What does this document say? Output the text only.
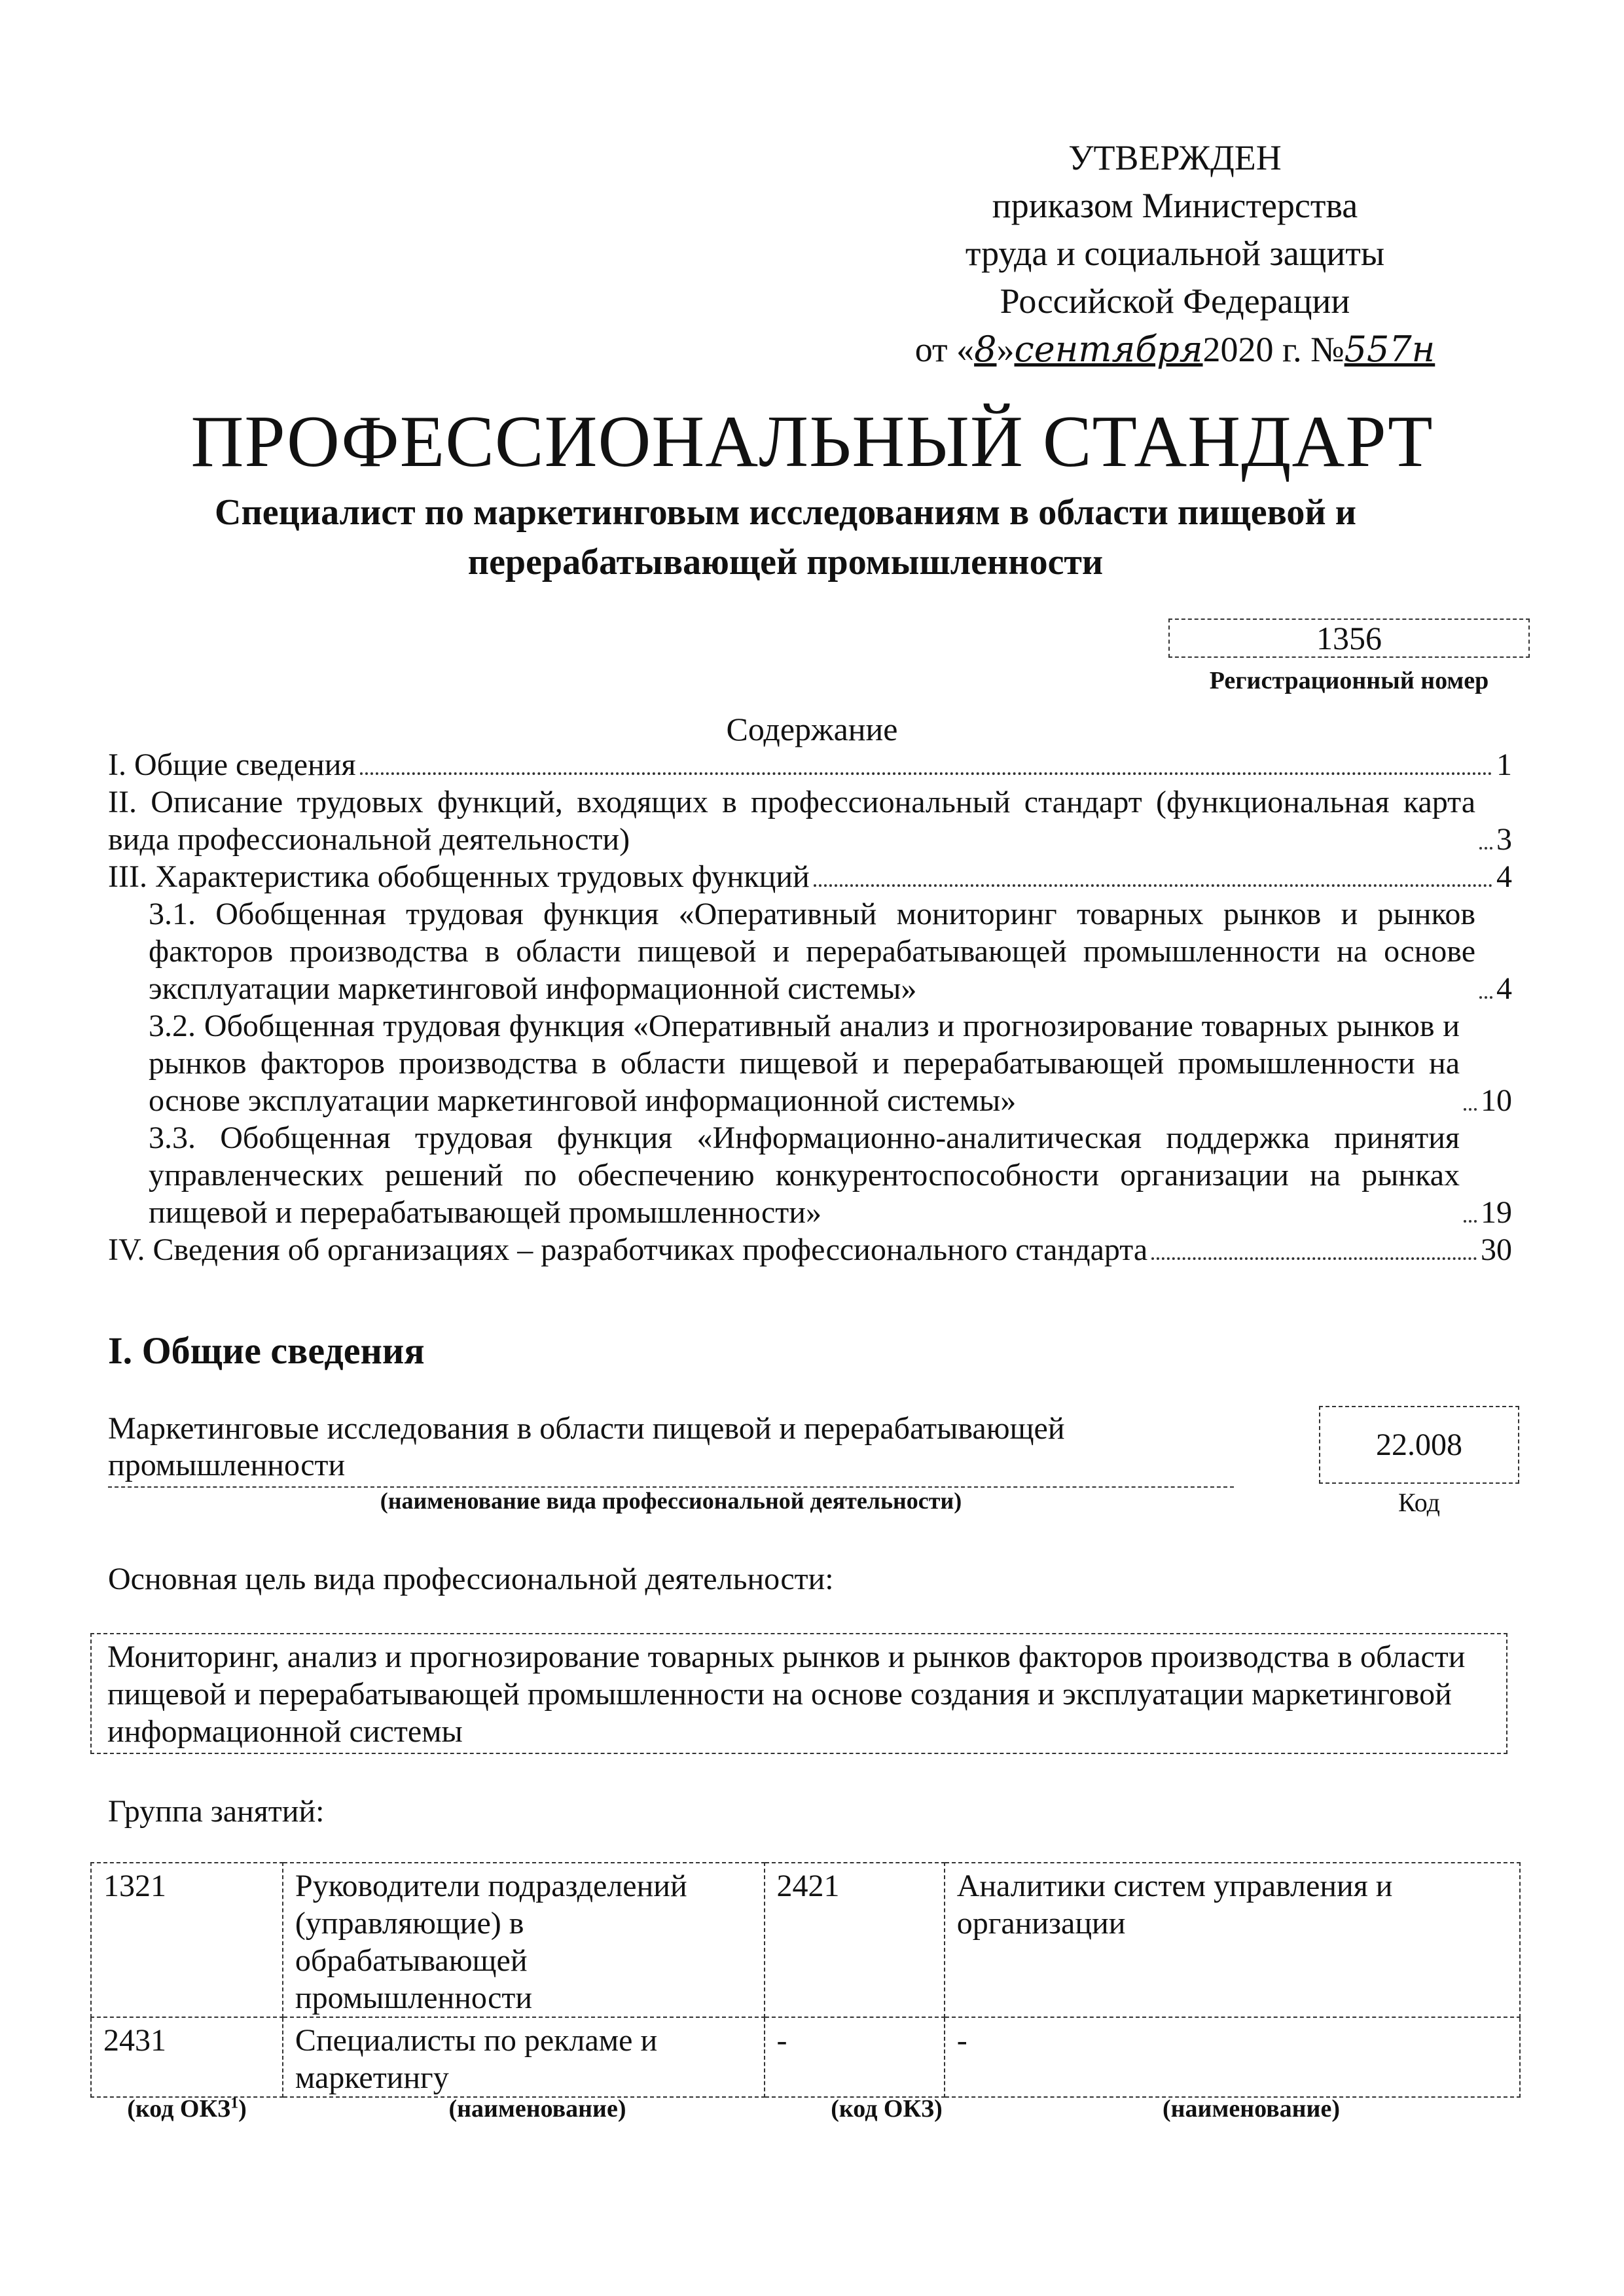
УТВЕРЖДЕН
приказом Министерства
труда и социальной защиты
Российской Федерации
от «8»сентября2020 г. №557н
ПРОФЕССИОНАЛЬНЫЙ СТАНДАРТ
Специалист по маркетинговым исследованиям в области пищевой и
перерабатывающей промышленности
1356
Регистрационный номер
Содержание
I. Общие сведения	1
II. Описание трудовых функций, входящих в профессиональный стандарт (функциональная карта вида профессиональной деятельности)	3
III. Характеристика обобщенных трудовых функций	4
3.1. Обобщенная трудовая функция «Оперативный мониторинг товарных рынков и рынков факторов производства в области пищевой и перерабатывающей промышленности на основе эксплуатации маркетинговой информационной системы»	4
3.2. Обобщенная трудовая функция «Оперативный анализ и прогнозирование товарных рынков и рынков факторов производства в области пищевой и перерабатывающей промышленности на основе эксплуатации маркетинговой информационной системы»	10
3.3. Обобщенная трудовая функция «Информационно-аналитическая поддержка принятия управленческих решений по обеспечению конкурентоспособности организации на рынках пищевой и перерабатывающей промышленности»	19
IV. Сведения об организациях – разработчиках профессионального стандарта	30
I. Общие сведения
Маркетинговые исследования в области пищевой и перерабатывающей
промышленности
22.008
(наименование вида профессиональной деятельности)	Код
Основная цель вида профессиональной деятельности:
Мониторинг, анализ и прогнозирование товарных рынков и рынков факторов производства в области пищевой и перерабатывающей промышленности на основе создания и эксплуатации маркетинговой информационной системы
Группа занятий:
1321	Руководители подразделений (управляющие) в обрабатывающей промышленности	2421	Аналитики систем управления и организации
2431	Специалисты по рекламе и маркетингу	-	-
(код ОКЗ$^1$)	(наименование)	(код ОКЗ)	(наименование)
